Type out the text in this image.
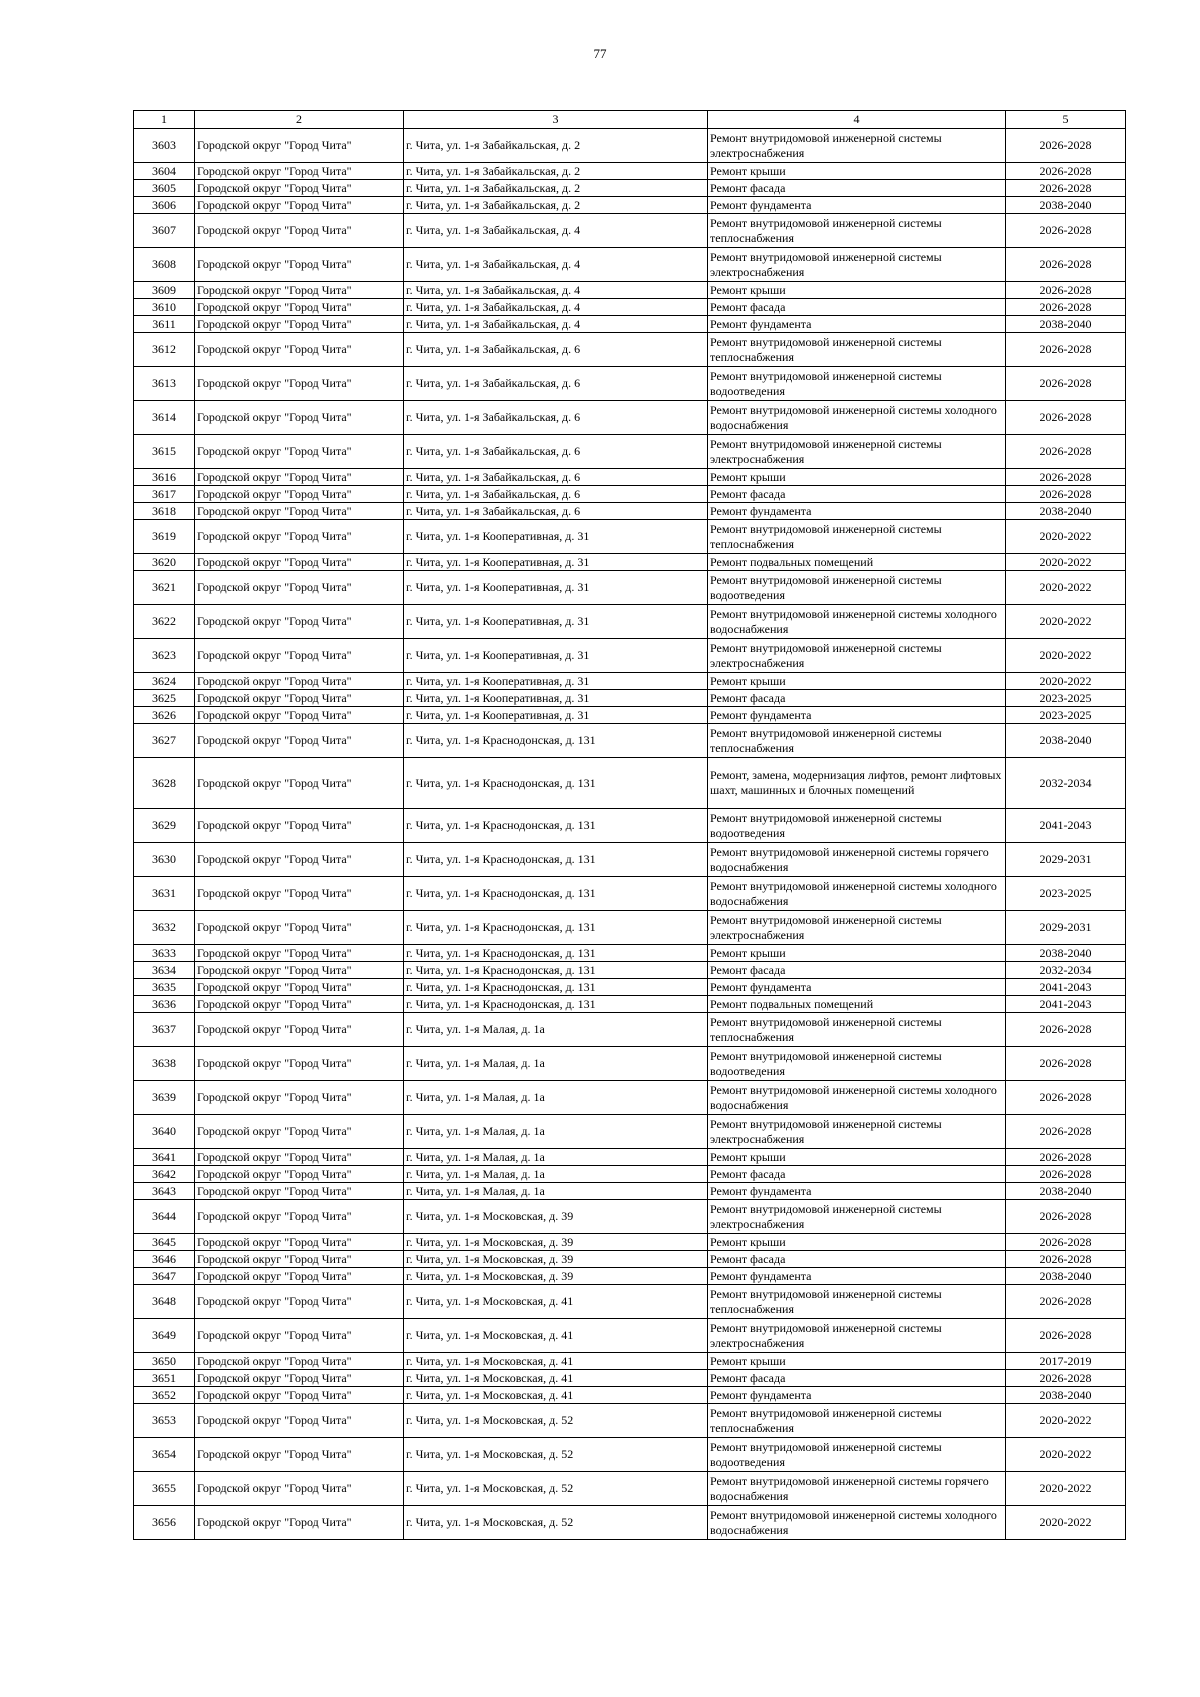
77
1	2	3	4	5
3603	Городской округ "Город Чита"	г. Чита, ул. 1-я Забайкальская, д. 2	Ремонт внутридомовой инженерной системы электроснабжения	2026-2028
3604	Городской округ "Город Чита"	г. Чита, ул. 1-я Забайкальская, д. 2	Ремонт крыши	2026-2028
3605	Городской округ "Город Чита"	г. Чита, ул. 1-я Забайкальская, д. 2	Ремонт фасада	2026-2028
3606	Городской округ "Город Чита"	г. Чита, ул. 1-я Забайкальская, д. 2	Ремонт фундамента	2038-2040
3607	Городской округ "Город Чита"	г. Чита, ул. 1-я Забайкальская, д. 4	Ремонт внутридомовой инженерной системы теплоснабжения	2026-2028
3608	Городской округ "Город Чита"	г. Чита, ул. 1-я Забайкальская, д. 4	Ремонт внутридомовой инженерной системы электроснабжения	2026-2028
3609	Городской округ "Город Чита"	г. Чита, ул. 1-я Забайкальская, д. 4	Ремонт крыши	2026-2028
3610	Городской округ "Город Чита"	г. Чита, ул. 1-я Забайкальская, д. 4	Ремонт фасада	2026-2028
3611	Городской округ "Город Чита"	г. Чита, ул. 1-я Забайкальская, д. 4	Ремонт фундамента	2038-2040
3612	Городской округ "Город Чита"	г. Чита, ул. 1-я Забайкальская, д. 6	Ремонт внутридомовой инженерной системы теплоснабжения	2026-2028
3613	Городской округ "Город Чита"	г. Чита, ул. 1-я Забайкальская, д. 6	Ремонт внутридомовой инженерной системы водоотведения	2026-2028
3614	Городской округ "Город Чита"	г. Чита, ул. 1-я Забайкальская, д. 6	Ремонт внутридомовой инженерной системы холодного водоснабжения	2026-2028
3615	Городской округ "Город Чита"	г. Чита, ул. 1-я Забайкальская, д. 6	Ремонт внутридомовой инженерной системы электроснабжения	2026-2028
3616	Городской округ "Город Чита"	г. Чита, ул. 1-я Забайкальская, д. 6	Ремонт крыши	2026-2028
3617	Городской округ "Город Чита"	г. Чита, ул. 1-я Забайкальская, д. 6	Ремонт фасада	2026-2028
3618	Городской округ "Город Чита"	г. Чита, ул. 1-я Забайкальская, д. 6	Ремонт фундамента	2038-2040
3619	Городской округ "Город Чита"	г. Чита, ул. 1-я Кооперативная, д. 31	Ремонт внутридомовой инженерной системы теплоснабжения	2020-2022
3620	Городской округ "Город Чита"	г. Чита, ул. 1-я Кооперативная, д. 31	Ремонт подвальных помещений	2020-2022
3621	Городской округ "Город Чита"	г. Чита, ул. 1-я Кооперативная, д. 31	Ремонт внутридомовой инженерной системы водоотведения	2020-2022
3622	Городской округ "Город Чита"	г. Чита, ул. 1-я Кооперативная, д. 31	Ремонт внутридомовой инженерной системы холодного водоснабжения	2020-2022
3623	Городской округ "Город Чита"	г. Чита, ул. 1-я Кооперативная, д. 31	Ремонт внутридомовой инженерной системы электроснабжения	2020-2022
3624	Городской округ "Город Чита"	г. Чита, ул. 1-я Кооперативная, д. 31	Ремонт крыши	2020-2022
3625	Городской округ "Город Чита"	г. Чита, ул. 1-я Кооперативная, д. 31	Ремонт фасада	2023-2025
3626	Городской округ "Город Чита"	г. Чита, ул. 1-я Кооперативная, д. 31	Ремонт фундамента	2023-2025
3627	Городской округ "Город Чита"	г. Чита, ул. 1-я Краснодонская, д. 131	Ремонт внутридомовой инженерной системы теплоснабжения	2038-2040
3628	Городской округ "Город Чита"	г. Чита, ул. 1-я Краснодонская, д. 131	Ремонт, замена, модернизация лифтов, ремонт лифтовых шахт, машинных и блочных помещений	2032-2034
3629	Городской округ "Город Чита"	г. Чита, ул. 1-я Краснодонская, д. 131	Ремонт внутридомовой инженерной системы водоотведения	2041-2043
3630	Городской округ "Город Чита"	г. Чита, ул. 1-я Краснодонская, д. 131	Ремонт внутридомовой инженерной системы горячего водоснабжения	2029-2031
3631	Городской округ "Город Чита"	г. Чита, ул. 1-я Краснодонская, д. 131	Ремонт внутридомовой инженерной системы холодного водоснабжения	2023-2025
3632	Городской округ "Город Чита"	г. Чита, ул. 1-я Краснодонская, д. 131	Ремонт внутридомовой инженерной системы электроснабжения	2029-2031
3633	Городской округ "Город Чита"	г. Чита, ул. 1-я Краснодонская, д. 131	Ремонт крыши	2038-2040
3634	Городской округ "Город Чита"	г. Чита, ул. 1-я Краснодонская, д. 131	Ремонт фасада	2032-2034
3635	Городской округ "Город Чита"	г. Чита, ул. 1-я Краснодонская, д. 131	Ремонт фундамента	2041-2043
3636	Городской округ "Город Чита"	г. Чита, ул. 1-я Краснодонская, д. 131	Ремонт подвальных помещений	2041-2043
3637	Городской округ "Город Чита"	г. Чита, ул. 1-я Малая, д. 1а	Ремонт внутридомовой инженерной системы теплоснабжения	2026-2028
3638	Городской округ "Город Чита"	г. Чита, ул. 1-я Малая, д. 1а	Ремонт внутридомовой инженерной системы водоотведения	2026-2028
3639	Городской округ "Город Чита"	г. Чита, ул. 1-я Малая, д. 1а	Ремонт внутридомовой инженерной системы холодного водоснабжения	2026-2028
3640	Городской округ "Город Чита"	г. Чита, ул. 1-я Малая, д. 1а	Ремонт внутридомовой инженерной системы электроснабжения	2026-2028
3641	Городской округ "Город Чита"	г. Чита, ул. 1-я Малая, д. 1а	Ремонт крыши	2026-2028
3642	Городской округ "Город Чита"	г. Чита, ул. 1-я Малая, д. 1а	Ремонт фасада	2026-2028
3643	Городской округ "Город Чита"	г. Чита, ул. 1-я Малая, д. 1а	Ремонт фундамента	2038-2040
3644	Городской округ "Город Чита"	г. Чита, ул. 1-я Московская, д. 39	Ремонт внутридомовой инженерной системы электроснабжения	2026-2028
3645	Городской округ "Город Чита"	г. Чита, ул. 1-я Московская, д. 39	Ремонт крыши	2026-2028
3646	Городской округ "Город Чита"	г. Чита, ул. 1-я Московская, д. 39	Ремонт фасада	2026-2028
3647	Городской округ "Город Чита"	г. Чита, ул. 1-я Московская, д. 39	Ремонт фундамента	2038-2040
3648	Городской округ "Город Чита"	г. Чита, ул. 1-я Московская, д. 41	Ремонт внутридомовой инженерной системы теплоснабжения	2026-2028
3649	Городской округ "Город Чита"	г. Чита, ул. 1-я Московская, д. 41	Ремонт внутридомовой инженерной системы электроснабжения	2026-2028
3650	Городской округ "Город Чита"	г. Чита, ул. 1-я Московская, д. 41	Ремонт крыши	2017-2019
3651	Городской округ "Город Чита"	г. Чита, ул. 1-я Московская, д. 41	Ремонт фасада	2026-2028
3652	Городской округ "Город Чита"	г. Чита, ул. 1-я Московская, д. 41	Ремонт фундамента	2038-2040
3653	Городской округ "Город Чита"	г. Чита, ул. 1-я Московская, д. 52	Ремонт внутридомовой инженерной системы теплоснабжения	2020-2022
3654	Городской округ "Город Чита"	г. Чита, ул. 1-я Московская, д. 52	Ремонт внутридомовой инженерной системы водоотведения	2020-2022
3655	Городской округ "Город Чита"	г. Чита, ул. 1-я Московская, д. 52	Ремонт внутридомовой инженерной системы горячего водоснабжения	2020-2022
3656	Городской округ "Город Чита"	г. Чита, ул. 1-я Московская, д. 52	Ремонт внутридомовой инженерной системы холодного водоснабжения	2020-2022
